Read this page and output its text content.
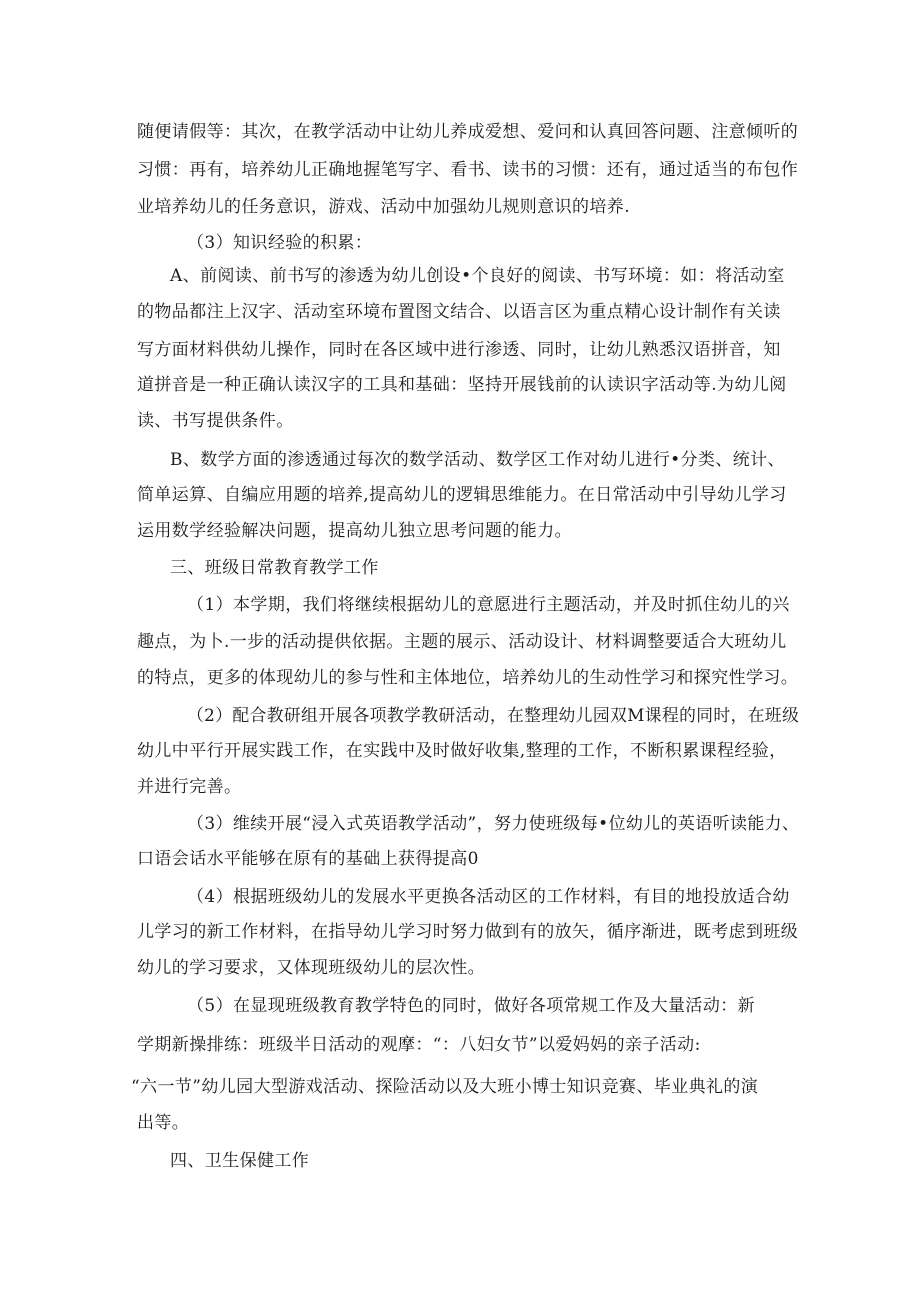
随便请假等：其次，在教学活动中让幼儿养成爱想、爱问和认真回答问题、注意倾听的
习惯：再有，培养幼儿正确地握笔写字、看书、读书的习惯：还有，通过适当的布包作
业培养幼儿的任务意识，游戏、活动中加强幼儿规则意识的培养.
（3）知识经验的积累：
A、前阅读、前书写的渗透为幼儿创设•个良好的阅读、书写环境：如：将活动室
的物品都注上汉字、活动室环境布置图文结合、以语言区为重点精心设计制作有关读
写方面材料供幼儿操作，同时在各区域中进行渗透、同时，让幼儿熟悉汉语拼音，知
道拼音是一种正确认读汉字的工具和基础：坚持开展钱前的认读识字活动等.为幼儿阅
读、书写提供条件。
B、数学方面的渗透通过每次的数学活动、数学区工作对幼儿进行•分类、统计、
简单运算、自编应用题的培养,提高幼儿的逻辑思维能力。在日常活动中引导幼儿学习
运用数学经验解决问题，提高幼儿独立思考问题的能力。
三、班级日常教育教学工作
（1）本学期，我们将继续根据幼儿的意愿进行主题活动，并及时抓住幼儿的兴
趣点，为卜.一步的活动提供依据。主题的展示、活动设计、材料调整要适合大班幼儿
的特点，更多的体现幼儿的参与性和主体地位，培养幼儿的生动性学习和探究性学习。
（2）配合教研组开展各项教学教研活动，在整理幼儿园双M课程的同时，在班级
幼儿中平行开展实践工作，在实践中及时做好收集,整理的工作，不断积累课程经验，
并进行完善。
（3）维续开展“浸入式英语教学活动”，努力使班级每•位幼儿的英语听读能力、
口语会话水平能够在原有的基础上获得提高0
（4）根据班级幼儿的发展水平更换各活动区的工作材料，有目的地投放适合幼
儿学习的新工作材料，在指导幼儿学习时努力做到有的放矢，循序渐进，既考虑到班级
幼儿的学习要求，又体现班级幼儿的层次性。
（5）在显现班级教育教学特色的同时，做好各项常规工作及大量活动：新
学期新操排练：班级半日活动的观摩：“：八妇女节”以爱妈妈的亲子活动:
“六一节”幼儿园大型游戏活动、探险活动以及大班小博士知识竞赛、毕业典礼的演
出等。
四、卫生保健工作
